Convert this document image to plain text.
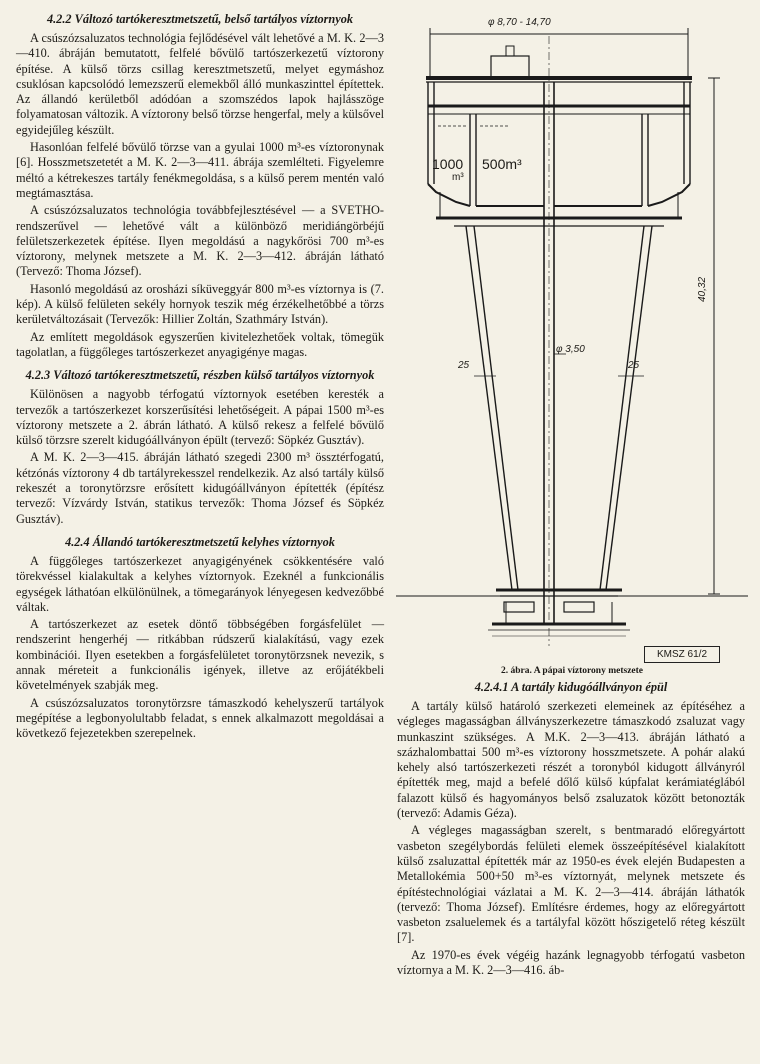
4.2.2 Változó tartókeresztmetszetű, belső tartályos víztornyok

A csúszózsaluzatos technológia fejlődésével vált lehetővé a M. K. 2—3—410. ábráján bemutatott, felfelé bővülő tartószerkezetű víztorony építése. A külső törzs csillag keresztmetszetű, melyet egymáshoz csuklósan kapcsolódó lemezszerű elemekből álló munkaszinttel építettek. Az állandó kerületből adódóan a szomszédos lapok hajlásszöge folyamatosan változik. A víztorony belső törzse hengerfal, mely a külsővel egyidejűleg készült.

Hasonlóan felfelé bővülő törzse van a gyulai 1000 m³-es víztoronynak [6]. Hosszmetszetetét a M. K. 2—3—411. ábrája szemlélteti. Figyelemre méltó a kétrekeszes tartály fenékmegoldása, s a külső perem mentén való megtámasztása.

A csúszózsaluzatos technológia továbbfejlesztésével — a SVETHO-rendszerűvel — lehetővé vált a különböző meridiángörbéjű felületszerkezetek építése. Ilyen megoldású a nagykőrösi 700 m³-es víztorony, melynek metszete a M. K. 2—3—412. ábráján látható (Tervező: Thoma József).

Hasonló megoldású az orosházi síküveggyár 800 m³-es víztornya is (7. kép). A külső felületen sekély hornyok teszik még érzékelhetőbbé a törzs kerületváltozásait (Tervezők: Hillier Zoltán, Szathmáry István).

Az említett megoldások egyszerűen kivitelezhetőek voltak, tömegük tagolatlan, a függőleges tartószerkezet anyagigénye magas.

4.2.3 Változó tartókeresztmetszetű, részben külső tartályos víztornyok

Különösen a nagyobb térfogatú víztornyok esetében keresték a tervezők a tartószerkezet korszerűsítési lehetőségeit. A pápai 1500 m³-es víztorony metszete a 2. ábrán látható. A külső rekesz a felfelé bővülő külső törzsre szerelt kidugóállványon épült (tervező: Söpkéz Gusztáv).

A M. K. 2—3—415. ábráján látható szegedi 2300 m³ össztérfogatú, kétzónás víztorony 4 db tartályrekesszel rendelkezik. Az alsó tartály külső rekeszét a toronytörzsre erősített kidugóállványon építették (építész tervező: Vízvárdy István, statikus tervezők: Thoma József és Söpkéz Gusztáv).

4.2.4 Állandó tartókeresztmetszetű kelyhes víztornyok

A függőleges tartószerkezet anyagigényének csökkentésére való törekvéssel kialakultak a kelyhes víztornyok. Ezeknél a funkcionális egységek láthatóan elkülönülnek, a tömegarányok lényegesen kedvezőbbé váltak.

A tartószerkezet az esetek döntő többségében forgásfelület — rendszerint hengerhéj — ritkábban rúdszerű kialakítású, vagy ezek kombinációi. Ilyen esetekben a forgásfelületet toronytörzsnek nevezik, s annak méreteit a funkcionális igények, illetve az erőjátékbeli követelmények szabják meg.

A csúszózsaluzatos toronytörzsre támaszkodó kehelyszerű tartályok megépítése a legbonyolultabb feladat, s ennek alkalmazott megoldásai a következő fejezetekben szerepelnek.

φ 8,70 - 14,70
40,32
φ 3,50
25	25
1000
m³
500m³
KMSZ 61/2
2. ábra. A pápai víztorony metszete
4.2.4.1 A tartály kidugóállványon épül

A tartály külső határoló szerkezeti elemeinek az építéséhez a végleges magasságban állványszerkezetre támaszkodó zsaluzat vagy munkaszint szükséges. A M.K. 2—3—413. ábráján látható a százhalombattai 500 m³-es víztorony hosszmetszete. A pohár alakú kehely alsó tartószerkezeti részét a toronyból kidugott állványról építették meg, majd a befelé dőlő külső kúpfalat kerámiatéglából falazott külső és hagyományos belső zsaluzatok között betonozták (tervező: Adamis Géza).

A végleges magasságban szerelt, s bentmaradó előregyártott vasbeton szegélybordás felületi elemek összeépítésével kialakított külső zsaluzattal építették már az 1950-es évek elején Budapesten a Metallokémia 500+50 m³-es víztornyát, melynek metszete és építéstechnológiai vázlatai a M. K. 2—3—414. ábráján láthatók (tervező: Thoma József). Említésre érdemes, hogy az előregyártott vasbeton zsaluelemek és a tartályfal között hőszigetelő réteg készült [7].

Az 1970-es évek végéig hazánk legnagyobb térfogatú vasbeton víztornya a M. K. 2—3—416. áb-
